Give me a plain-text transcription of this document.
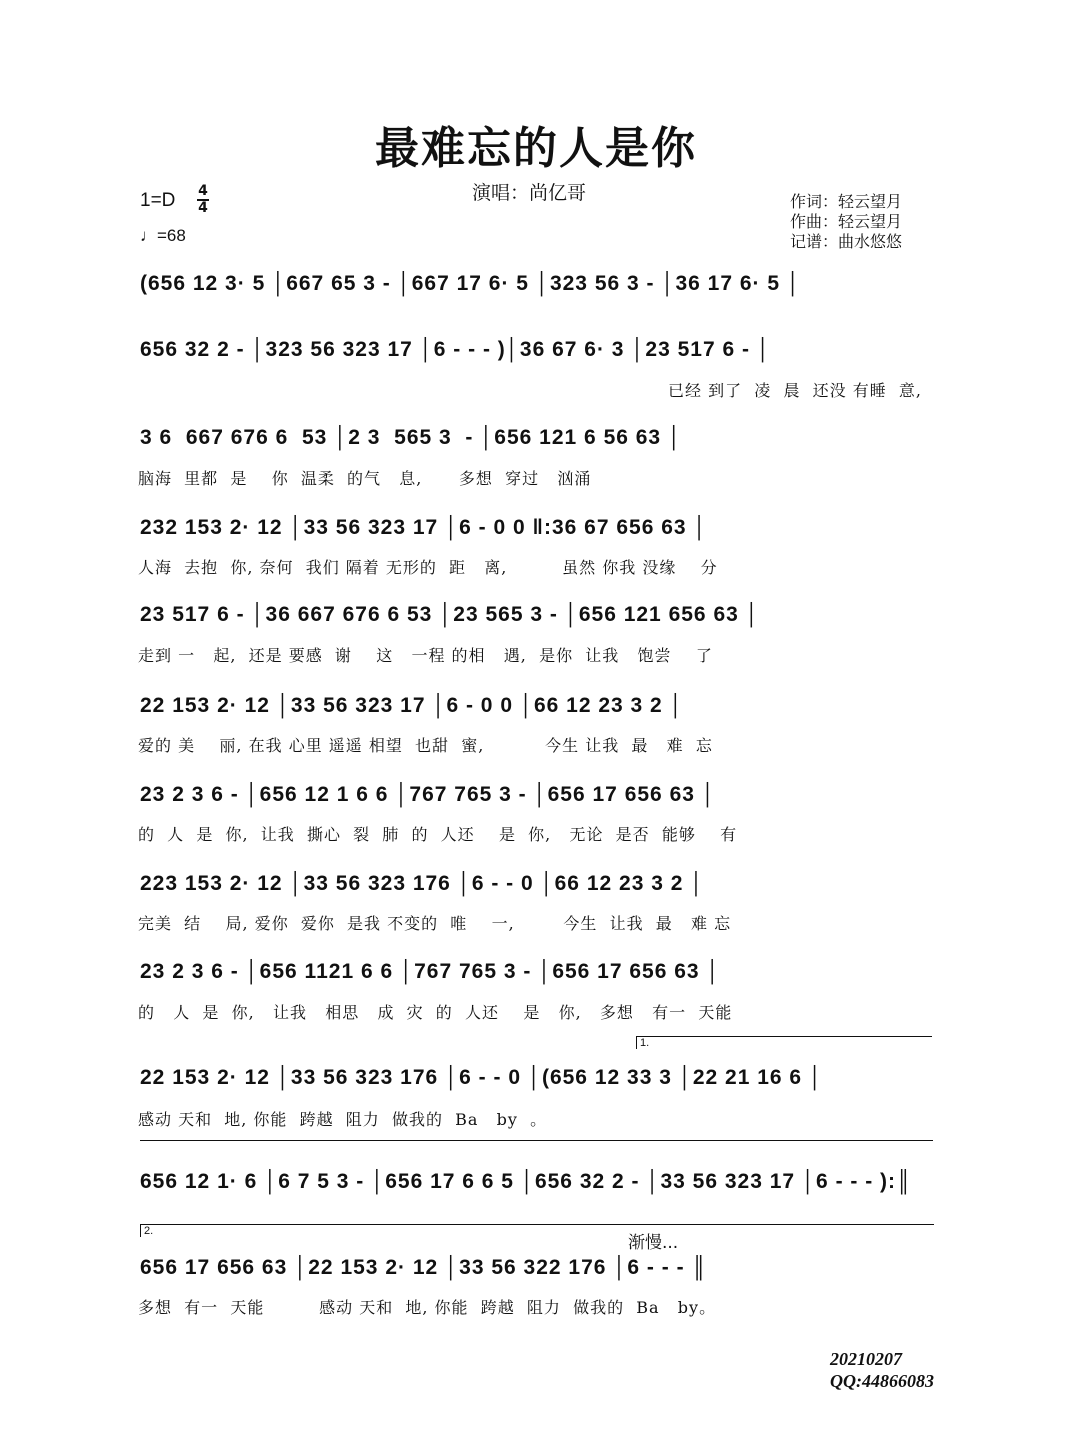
最难忘的人是你
演唱：尚亿哥	作词：轻云望月
作曲：轻云望月
记谱：曲水悠悠
1=D 4
4
♩=68
(656 12 3· 5 │667 65 3 - │667 17 6· 5 │323 56 3 - │36 17 6· 5 │
656 32 2 - │323 56 323 17 │6 - - - )│36 67 6· 3 │23 517 6 - │
已经 到了  凌  晨  还没 有睡  意,
3 6  667 676 6  53 │2 3  565 3  - │656 121 6 56 63 │
脑海  里都  是    你  温柔  的气   息,      多想  穿过   汹涌
232 153 2· 12 │33 56 323 17 │6 - 0 0 ‖:36 67 656 63 │
人海  去抱  你, 奈何  我们 隔着 无形的  距   离,         虽然 你我 没缘    分
23 517 6 - │36 667 676 6 53 │23 565 3 - │656 121 656 63 │
走到 一   起,  还是 要感  谢    这   一程 的相   遇,  是你  让我   饱尝    了
22 153 2· 12 │33 56 323 17 │6 - 0 0 │66 12 23 3 2 │
爱的 美    丽, 在我 心里 遥遥 相望  也甜  蜜,          今生 让我  最   难  忘
23 2 3 6 - │656 12 1 6 6 │767 765 3 - │656 17 656 63 │
的  人  是  你,  让我  撕心  裂  肺  的  人还    是  你,   无论  是否  能够    有
223 153 2· 12 │33 56 323 176 │6 - - 0 │66 12 23 3 2 │
完美  结    局, 爱你  爱你  是我 不变的  唯    一,        今生  让我  最   难 忘
23 2 3 6 - │656 1121 6 6 │767 765 3 - │656 17 656 63 │
的   人  是  你,   让我   相思   成  灾  的  人还    是   你,   多想   有一  天能
1.
22 153 2· 12 │33 56 323 176 │6 - - 0 │(656 12 33 3 │22 21 16 6 │
感动 天和  地, 你能  跨越  阻力  做我的  Ba   by  。
656 12 1· 6 │6 7 5 3 - │656 17 6 6 5 │656 32 2 - │33 56 323 17 │6 - - - ):║
2.
渐慢...
656 17 656 63 │22 153 2· 12 │33 56 322 176 │6 - - - ║
多想  有一  天能         感动 天和  地, 你能  跨越  阻力  做我的  Ba   by。
20210207
QQ:44866083
